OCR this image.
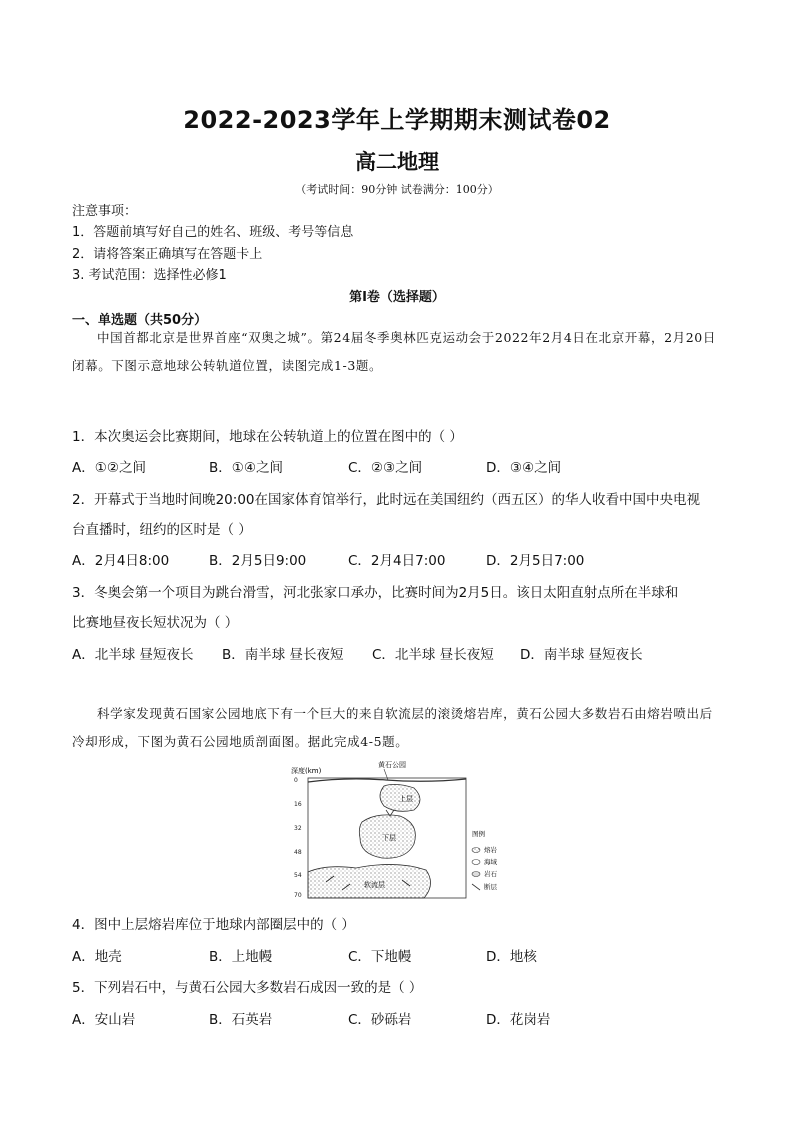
2022-2023学年上学期期末测试卷02
高二地理
（考试时间：90分钟 试卷满分：100分）
注意事项：
1．答题前填写好自己的姓名、班级、考号等信息
2．请将答案正确填写在答题卡上
3. 考试范围：选择性必修1
第I卷（选择题）
一、单选题（共50分）
中国首都北京是世界首座“双奥之城”。第24届冬季奥林匹克运动会于2022年2月4日在北京开幕，2月20日闭幕。下图示意地球公转轨道位置，读图完成1-3题。
1．本次奥运会比赛期间，地球在公转轨道上的位置在图中的（ ）
A．①②之间	B．①④之间	C．②③之间	D．③④之间
2．开幕式于当地时间晚20:00在国家体育馆举行，此时远在美国纽约（西五区）的华人收看中国中央电视
台直播时，纽约的区时是（ ）
A．2月4日8:00	B．2月5日9:00	C．2月4日7:00	D．2月5日7:00
3．冬奥会第一个项目为跳台滑雪，河北张家口承办，比赛时间为2月5日。该日太阳直射点所在半球和
比赛地昼夜长短状况为（ ）
A．北半球 昼短夜长 B．南半球 昼长夜短 C．北半球 昼长夜短 D．南半球 昼短夜长
科学家发现黄石国家公园地底下有一个巨大的来自软流层的滚烫熔岩库，黄石公园大多数岩石由熔岩喷出后冷却形成，下图为黄石公园地质剖面图。据此完成4-5题。
深度(km)
黄石公园
0
16
32
48
54
70
上层
下层
软流层
图例
熔岩
海域
岩石
断层
4．图中上层熔岩库位于地球内部圈层中的（ ）
A．地壳	B．上地幔	C．下地幔	D．地核
5．下列岩石中，与黄石公园大多数岩石成因一致的是（ ）
A．安山岩	B．石英岩	C．砂砾岩	D．花岗岩
